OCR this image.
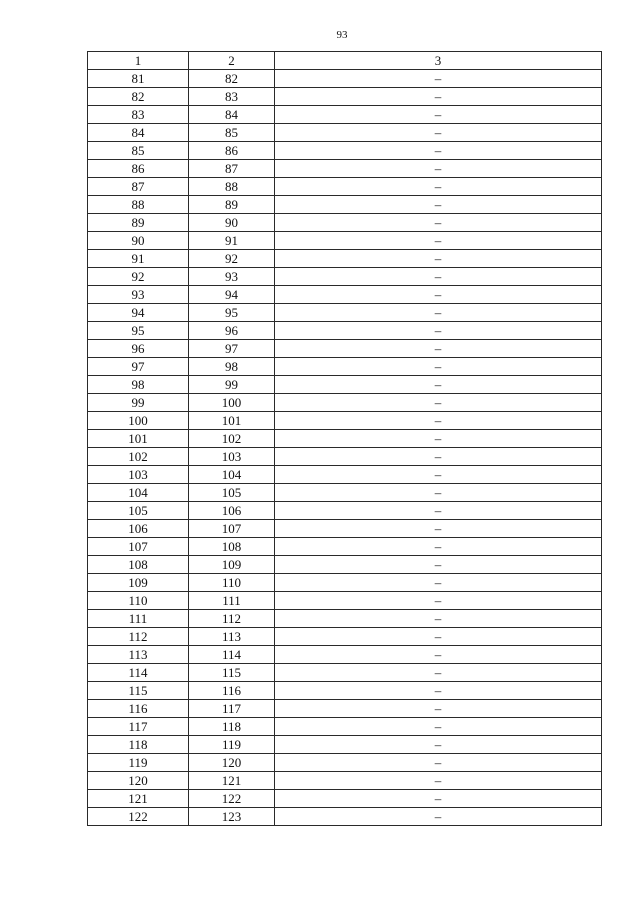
93
1	2	3
81	82	–
82	83	–
83	84	–
84	85	–
85	86	–
86	87	–
87	88	–
88	89	–
89	90	–
90	91	–
91	92	–
92	93	–
93	94	–
94	95	–
95	96	–
96	97	–
97	98	–
98	99	–
99	100	–
100	101	–
101	102	–
102	103	–
103	104	–
104	105	–
105	106	–
106	107	–
107	108	–
108	109	–
109	110	–
110	111	–
111	112	–
112	113	–
113	114	–
114	115	–
115	116	–
116	117	–
117	118	–
118	119	–
119	120	–
120	121	–
121	122	–
122	123	–
